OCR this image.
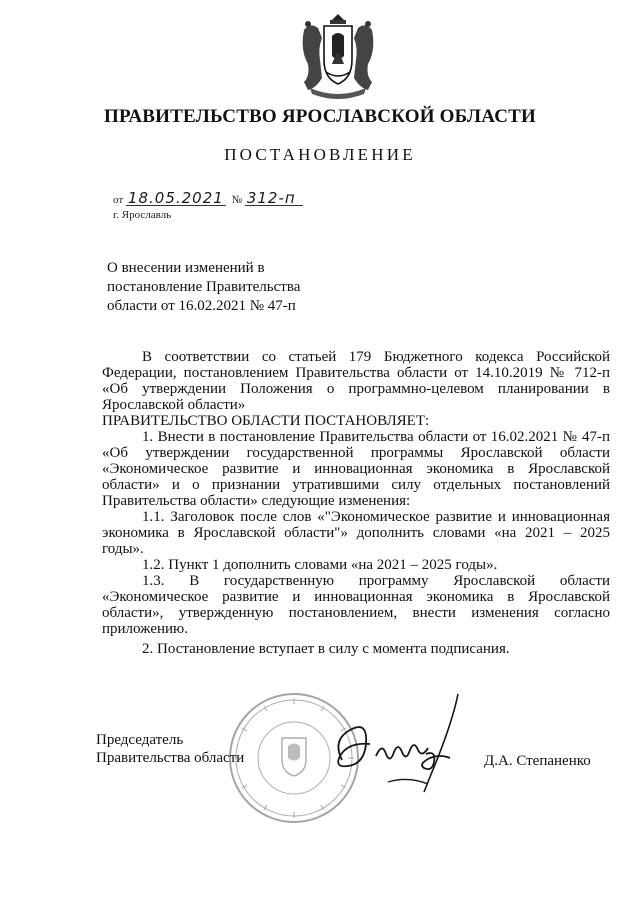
ПРАВИТЕЛЬСТВО ЯРОСЛАВСКОЙ ОБЛАСТИ
ПОСТАНОВЛЕНИЕ
от 18.05.2021 № 312-п
г. Ярославль
О внесении изменений в
постановление Правительства
области от 16.02.2021 № 47-п

В соответствии со статьей 179 Бюджетного кодекса Российской Федерации, постановлением Правительства области от 14.10.2019 № 712-п «Об утверждении Положения о программно-целевом планировании в Ярославской области»

ПРАВИТЕЛЬСТВО ОБЛАСТИ ПОСТАНОВЛЯЕТ:

1. Внести в постановление Правительства области от 16.02.2021 № 47-п «Об утверждении государственной программы Ярославской области «Экономическое развитие и инновационная экономика в Ярославской области» и о признании утратившими силу отдельных постановлений Правительства области» следующие изменения:

1.1. Заголовок после слов «"Экономическое развитие и инновационная экономика в Ярославской области"» дополнить словами «на 2021 – 2025 годы».

1.2. Пункт 1 дополнить словами «на 2021 – 2025 годы».

1.3. В государственную программу Ярославской области «Экономическое развитие и инновационная экономика в Ярославской области», утвержденную постановлением, внести изменения согласно приложению.

2. Постановление вступает в силу с момента подписания.

Председатель
Правительства области	Д.А. Степаненко
